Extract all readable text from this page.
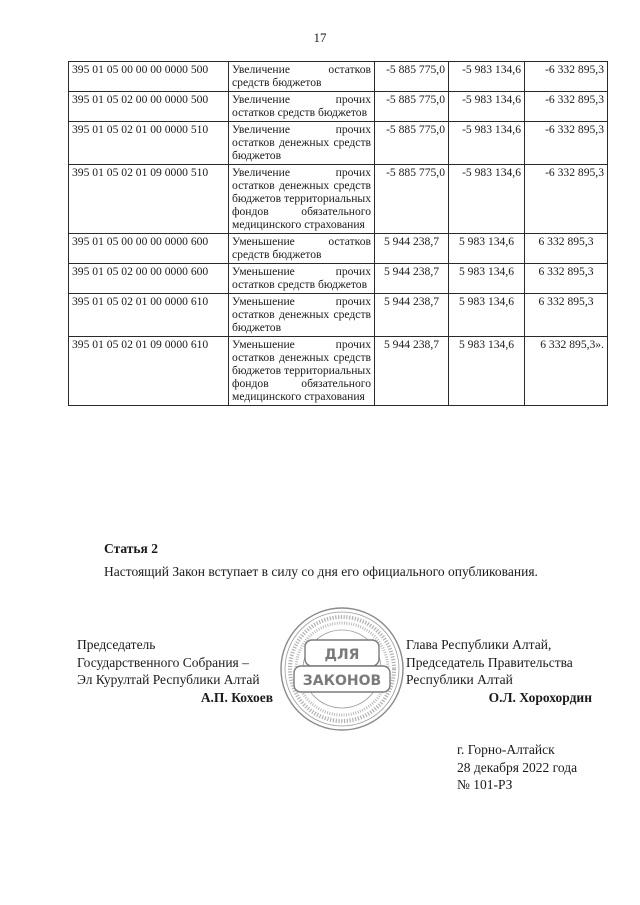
17
395 01 05 00 00 00 0000 500	Увеличение остатков средств бюджетов	-5 885 775,0	-5 983 134,6	-6 332 895,3
395 01 05 02 00 00 0000 500	Увеличение прочих остатков средств бюджетов	-5 885 775,0	-5 983 134,6	-6 332 895,3
395 01 05 02 01 00 0000 510	Увеличение прочих остатков денежных средств бюджетов	-5 885 775,0	-5 983 134,6	-6 332 895,3
395 01 05 02 01 09 0000 510	Увеличение прочих остатков денежных средств бюджетов территориальных фондов обязательного медицинского страхования	-5 885 775,0	-5 983 134,6	-6 332 895,3
395 01 05 00 00 00 0000 600	Уменьшение остатков средств бюджетов	5 944 238,7	5 983 134,6	6 332 895,3
395 01 05 02 00 00 0000 600	Уменьшение прочих остатков средств бюджетов	5 944 238,7	5 983 134,6	6 332 895,3
395 01 05 02 01 00 0000 610	Уменьшение прочих остатков денежных средств бюджетов	5 944 238,7	5 983 134,6	6 332 895,3
395 01 05 02 01 09 0000 610	Уменьшение прочих остатков денежных средств бюджетов территориальных фондов обязательного медицинского страхования	5 944 238,7	5 983 134,6	6 332 895,3».
Статья 2
Настоящий Закон вступает в силу со дня его официального опубликования.
Председатель
Государственного Собрания –
Эл Курултай Республики Алтай
А.П. Кохоев
ДЛЯ
ЗАКОНОВ
Глава Республики Алтай,
Председатель Правительства
Республики Алтай
О.Л. Хорохордин
г. Горно-Алтайск
28 декабря 2022 года
№ 101-РЗ
